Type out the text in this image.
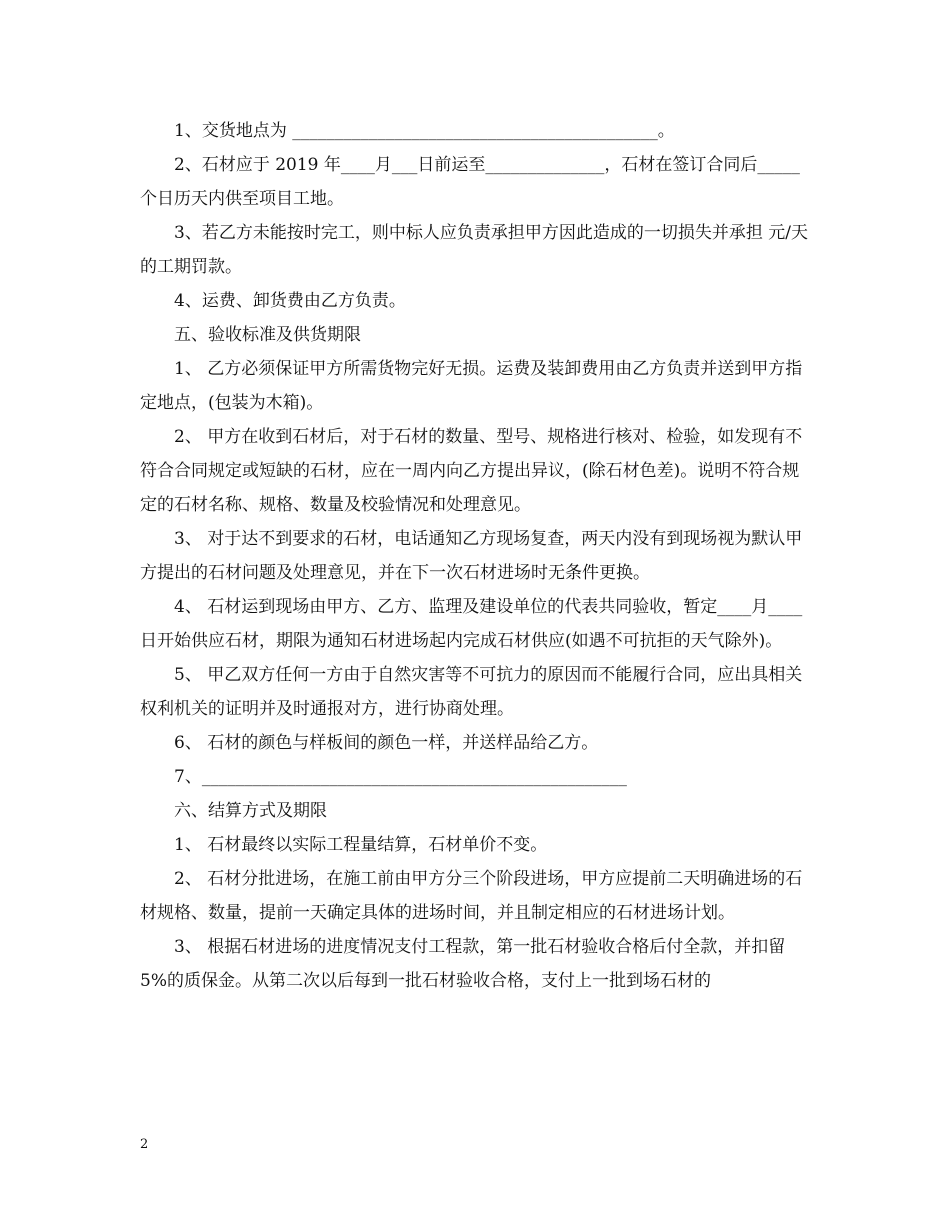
1、交货地点为 ___________________________________________。

2、石材应于 2019 年____月___日前运至______________，石材在签订合同后_____个日历天内供至项目工地。

3、若乙方未能按时完工，则中标人应负责承担甲方因此造成的一切损失并承担 元/天的工期罚款。

4、运费、卸货费由乙方负责。

五、验收标准及供货期限

1、 乙方必须保证甲方所需货物完好无损。运费及装卸费用由乙方负责并送到甲方指定地点，(包装为木箱)。

2、 甲方在收到石材后，对于石材的数量、型号、规格进行核对、检验，如发现有不符合合同规定或短缺的石材，应在一周内向乙方提出异议，(除石材色差)。说明不符合规定的石材名称、规格、数量及校验情况和处理意见。

3、 对于达不到要求的石材，电话通知乙方现场复查，两天内没有到现场视为默认甲方提出的石材问题及处理意见，并在下一次石材进场时无条件更换。

4、 石材运到现场由甲方、乙方、监理及建设单位的代表共同验收，暂定____月____日开始供应石材，期限为通知石材进场起内完成石材供应(如遇不可抗拒的天气除外)。

5、 甲乙双方任何一方由于自然灾害等不可抗力的原因而不能履行合同，应出具相关权利机关的证明并及时通报对方，进行协商处理。

6、 石材的颜色与样板间的颜色一样，并送样品给乙方。

7、__________________________________________________

六、结算方式及期限

1、 石材最终以实际工程量结算，石材单价不变。

2、 石材分批进场，在施工前由甲方分三个阶段进场，甲方应提前二天明确进场的石材规格、数量，提前一天确定具体的进场时间，并且制定相应的石材进场计划。

3、 根据石材进场的进度情况支付工程款，第一批石材验收合格后付全款，并扣留 5%的质保金。从第二次以后每到一批石材验收合格，支付上一批到场石材的

2
